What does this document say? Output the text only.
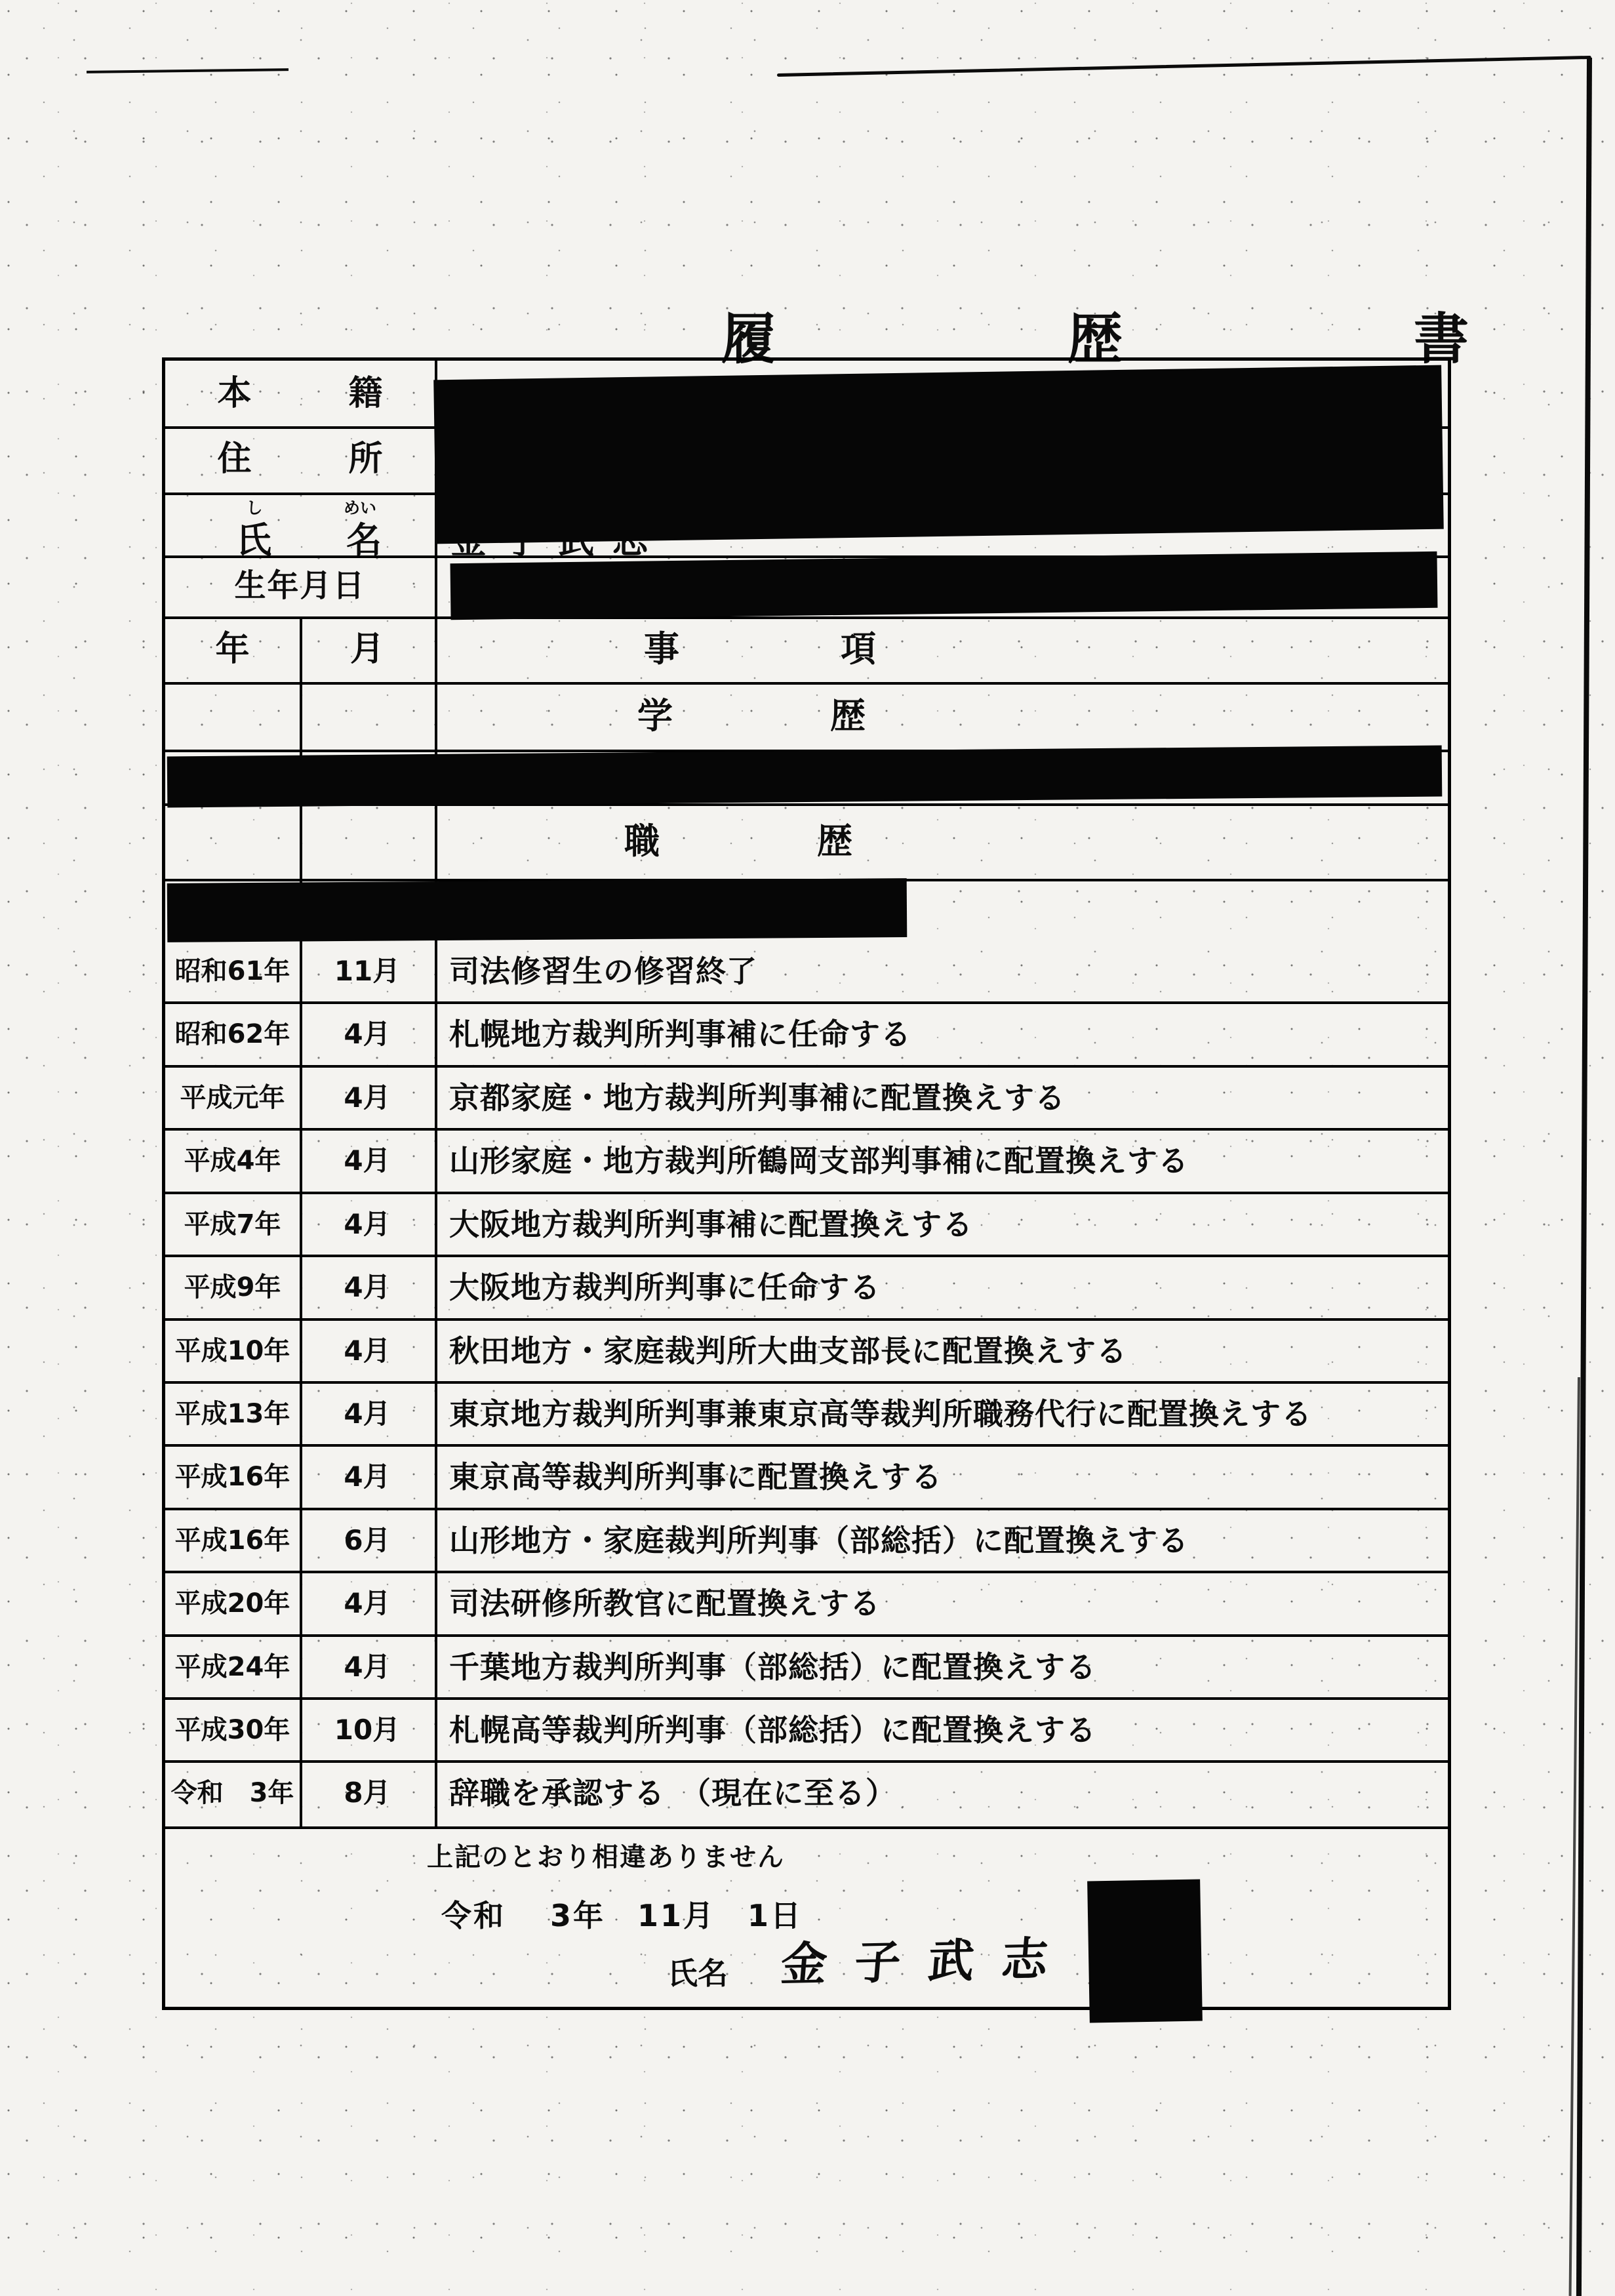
履　歴　書
本　籍
住　所
し	めい
氏　名
生年月日
年	月	事　　項
学　　歴
職　　歴
昭和61年	11月	司法修習生の修習終了
昭和62年	4月	札幌地方裁判所判事補に任命する
平成元年	4月	京都家庭・地方裁判所判事補に配置換えする
平成4年	4月	山形家庭・地方裁判所鶴岡支部判事補に配置換えする
平成7年	4月	大阪地方裁判所判事補に配置換えする
平成9年	4月	大阪地方裁判所判事に任命する
平成10年	4月	秋田地方・家庭裁判所大曲支部長に配置換えする
平成13年	4月	東京地方裁判所判事兼東京高等裁判所職務代行に配置換えする
平成16年	4月	東京高等裁判所判事に配置換えする
平成16年	6月	山形地方・家庭裁判所判事（部総括）に配置換えする
平成20年	4月	司法研修所教官に配置換えする
平成24年	4月	千葉地方裁判所判事（部総括）に配置換えする
平成30年	10月	札幌高等裁判所判事（部総括）に配置換えする
令和　3年	8月	辞職を承認する　（現在に至る）
上記のとおり相違ありません
令和　 3年　11月　1日
氏名 金子武志
